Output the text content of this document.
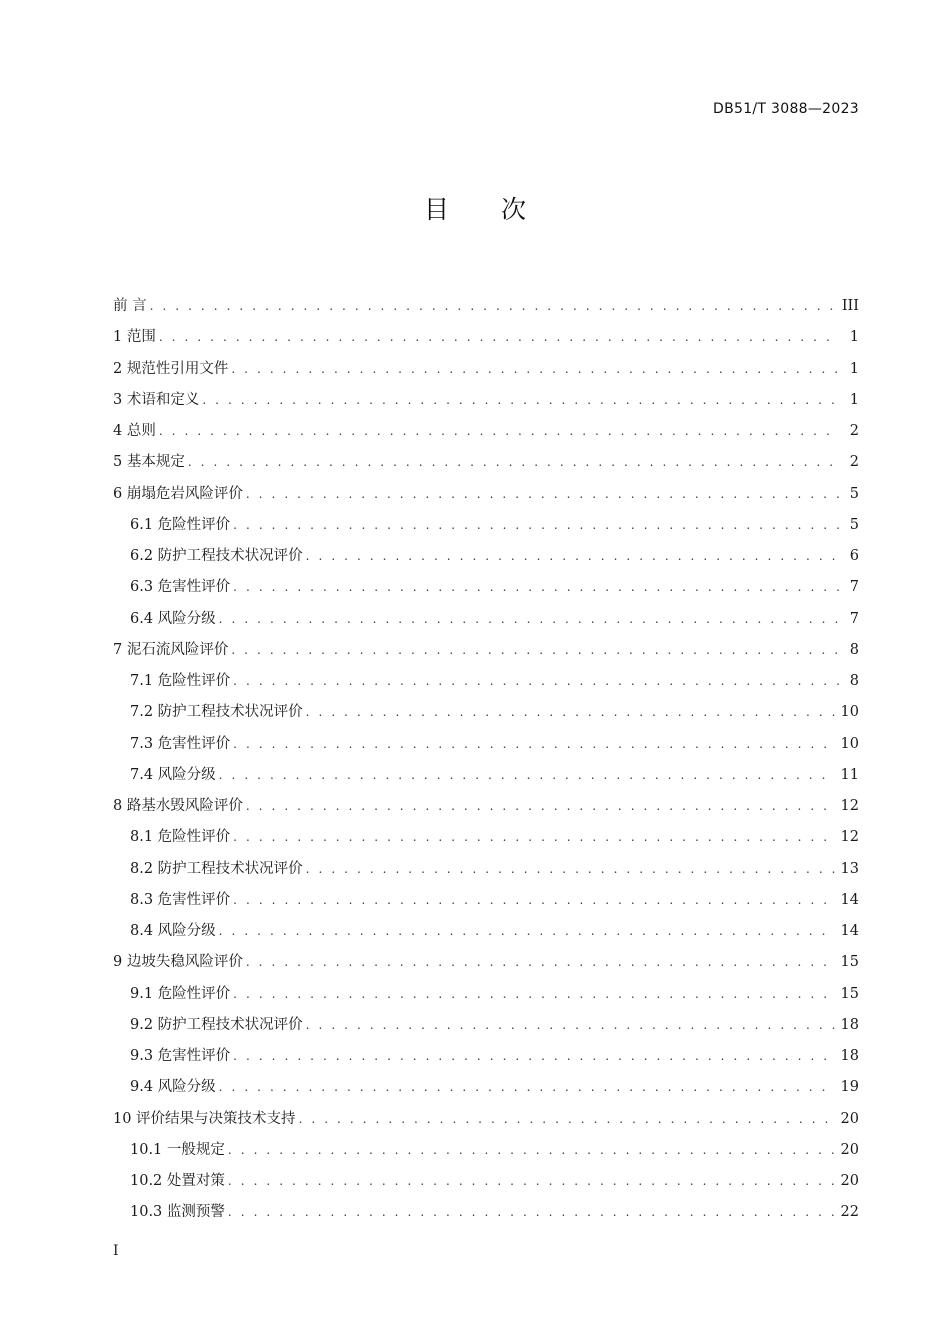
DB51/T 3088—2023
目 次
前 言 . . .	III
1 范围 . . .	1
2 规范性引用文件 . . .	1
3 术语和定义 . . .	1
4 总则 . . .	2
5 基本规定 . . .	2
6 崩塌危岩风险评价 . . .	5
6.1 危险性评价 . . .	5
6.2 防护工程技术状况评价 . . .	6
6.3 危害性评价 . . .	7
6.4 风险分级 . . .	7
7 泥石流风险评价 . . .	8
7.1 危险性评价 . . .	8
7.2 防护工程技术状况评价 . . .	10
7.3 危害性评价 . . .	10
7.4 风险分级 . . .	11
8 路基水毁风险评价 . . .	12
8.1 危险性评价 . . .	12
8.2 防护工程技术状况评价 . . .	13
8.3 危害性评价 . . .	14
8.4 风险分级 . . .	14
9 边坡失稳风险评价 . . .	15
9.1 危险性评价 . . .	15
9.2 防护工程技术状况评价 . . .	18
9.3 危害性评价 . . .	18
9.4 风险分级 . . .	19
10 评价结果与决策技术支持 . . .	20
10.1 一般规定 . . .	20
10.2 处置对策 . . .	20
10.3 监测预警 . . .	22
I
